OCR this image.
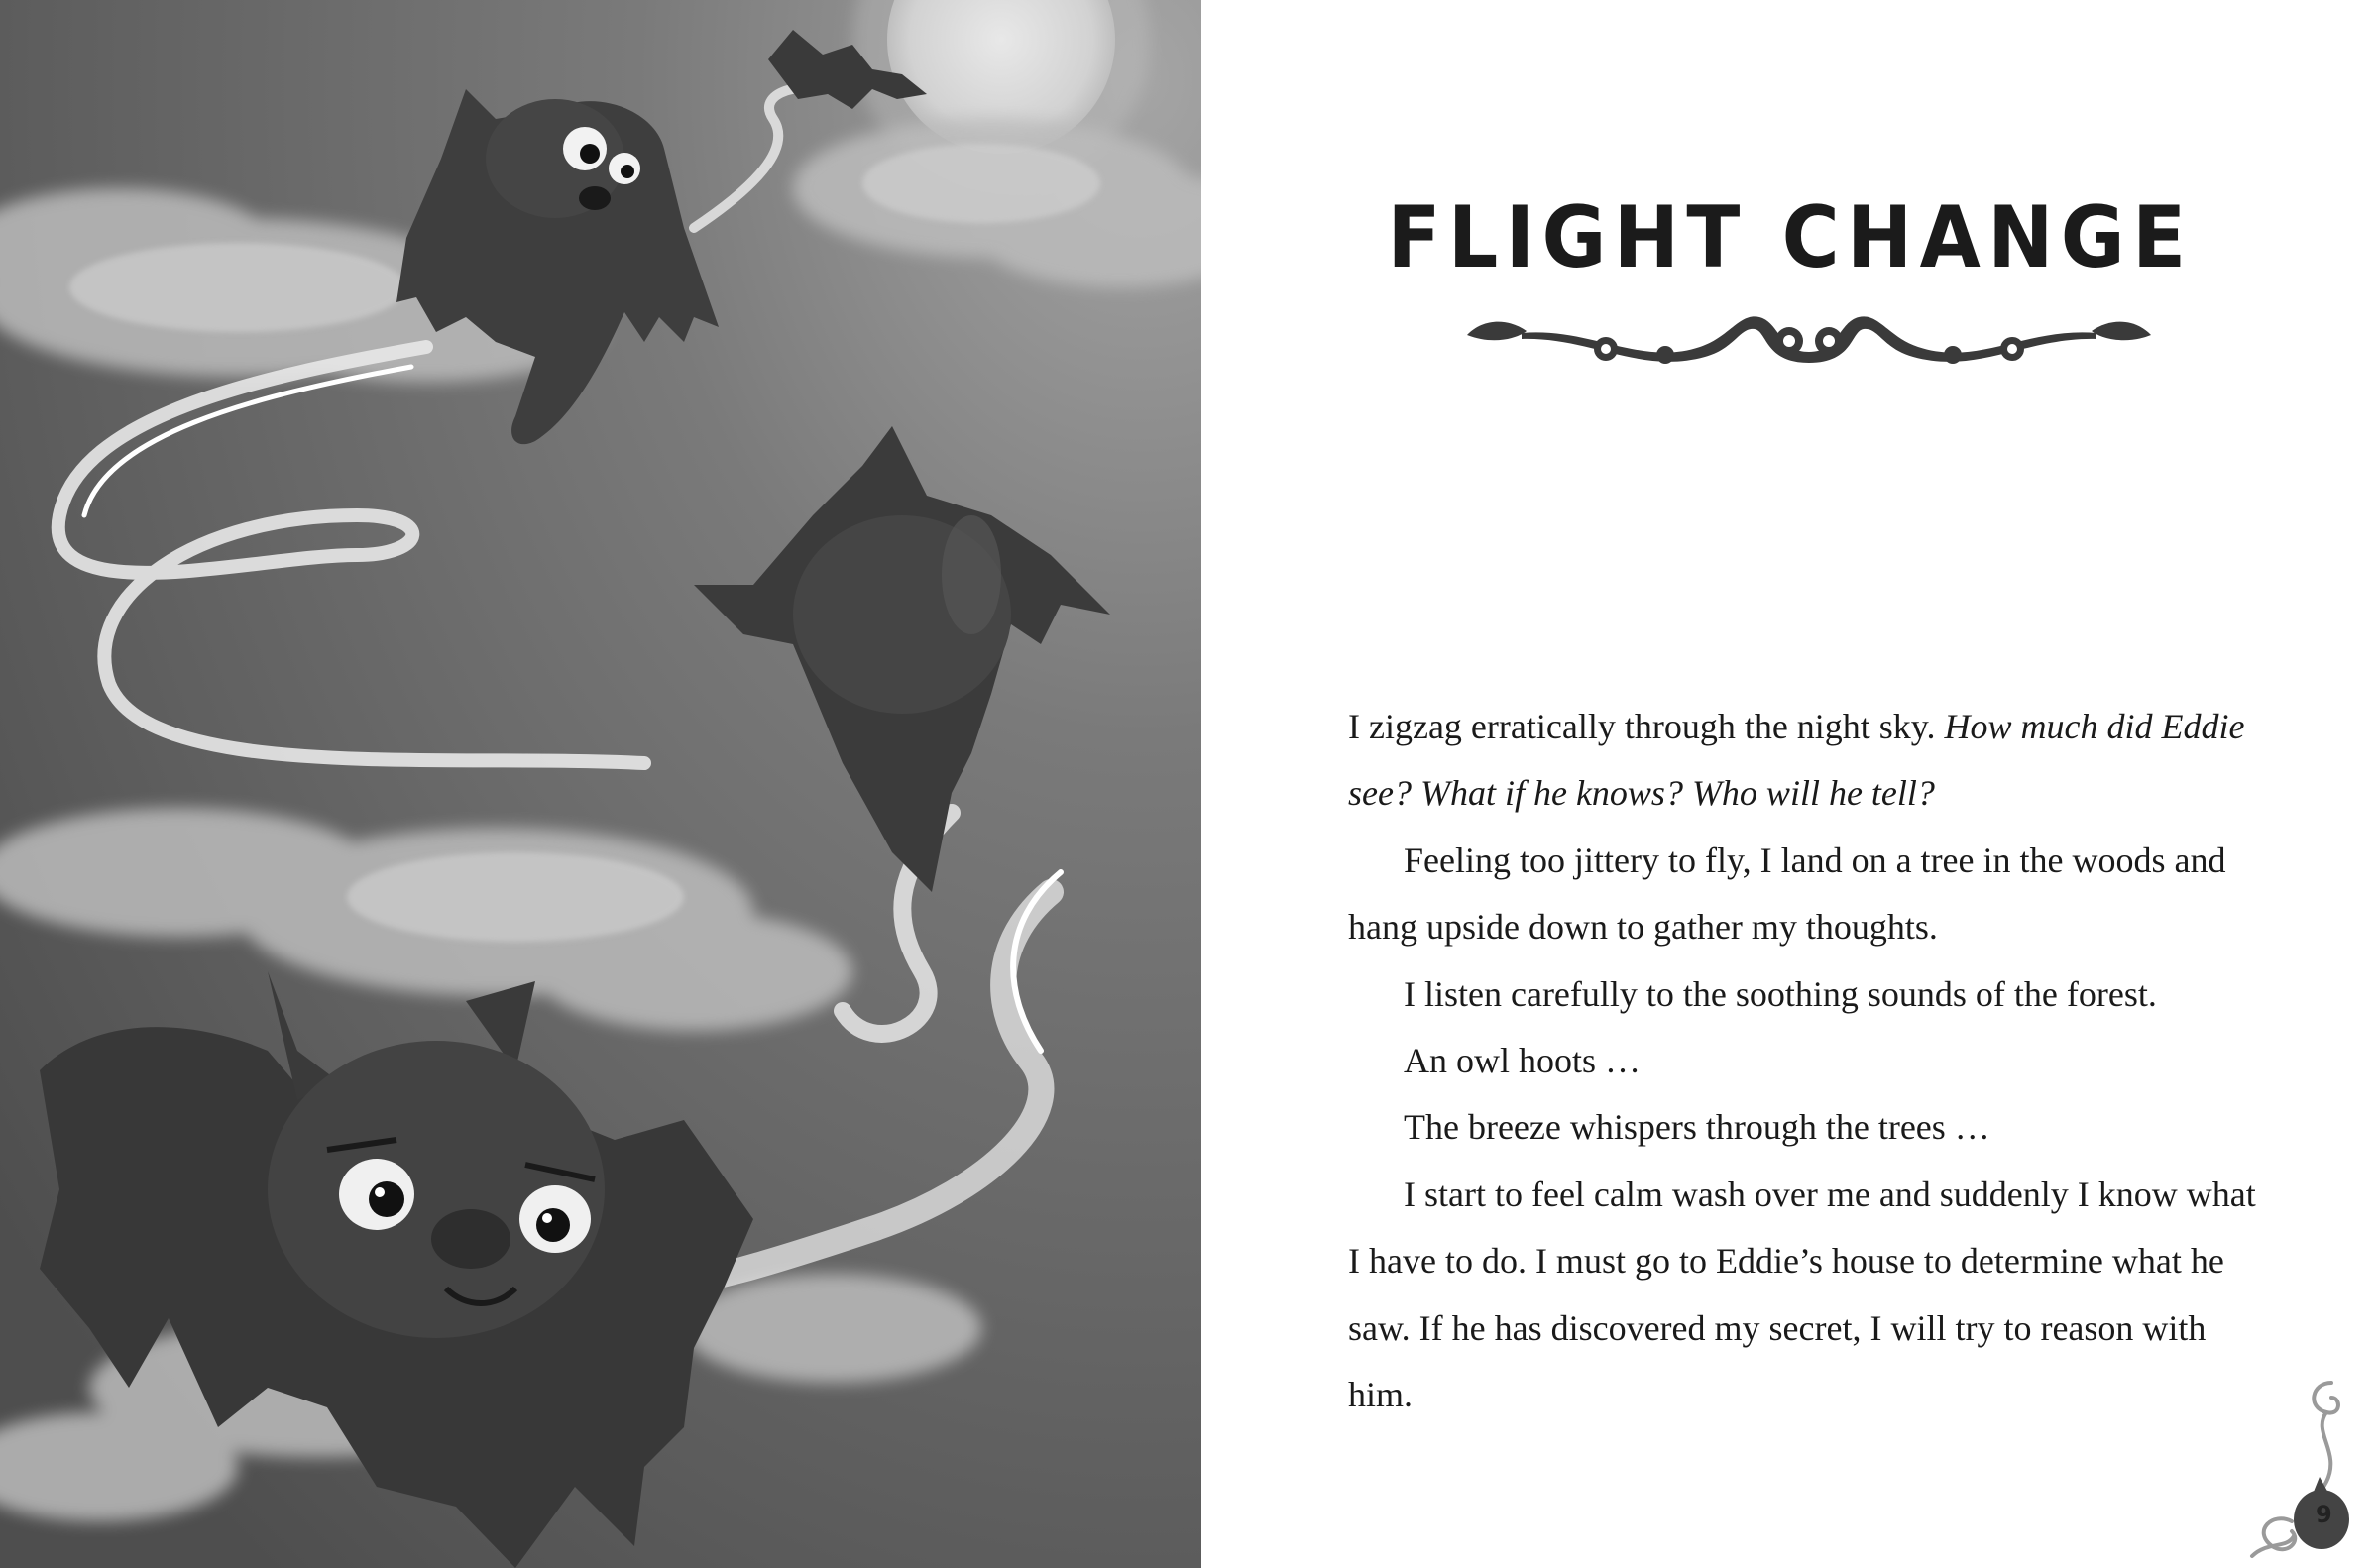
FLIGHT CHANGE

I zigzag erratically through the night sky. How much did Eddie see? What if he knows? Who will he tell?

Feeling too jittery to fly, I land on a tree in the woods and hang upside down to gather my thoughts.

I listen carefully to the soothing sounds of the forest.

An owl hoots …

The breeze whispers through the trees …

I start to feel calm wash over me and suddenly I know what I have to do. I must go to Eddie’s house to determine what he saw. If he has discovered my secret, I will try to reason with him.

9
